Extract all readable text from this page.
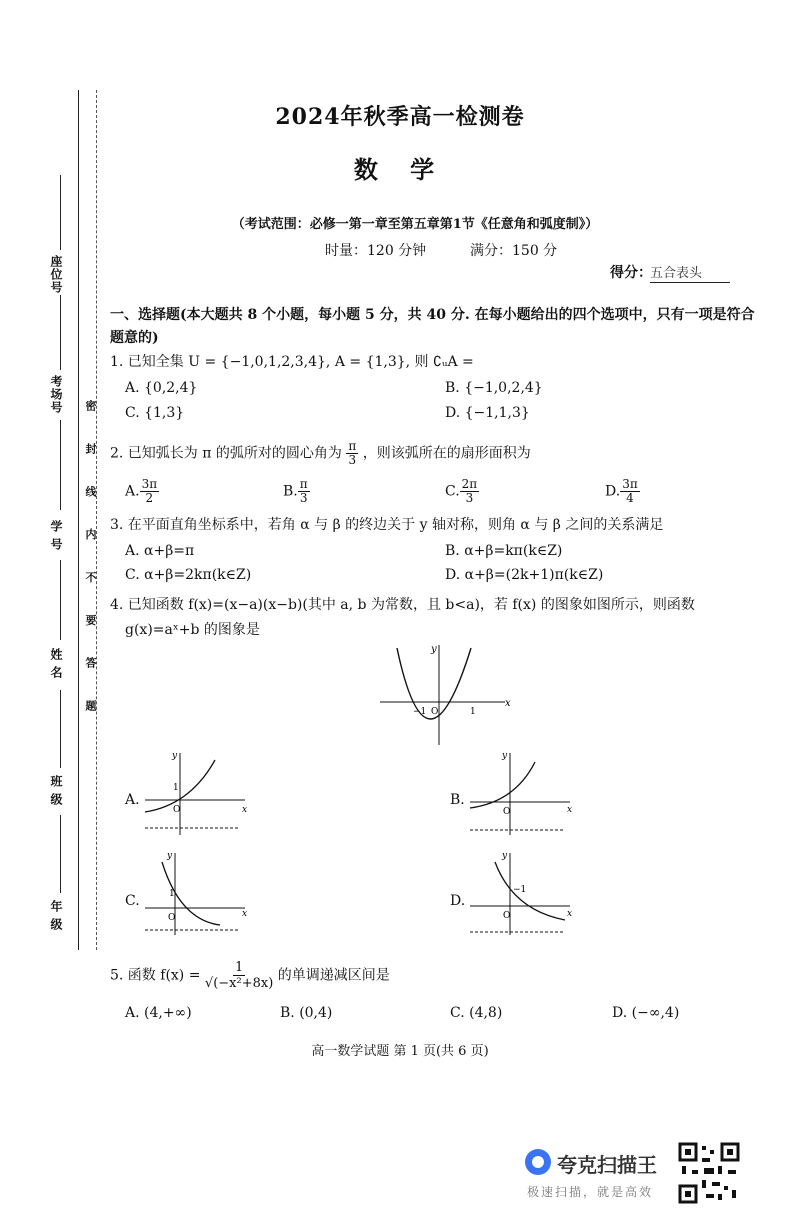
座位号
考场号
学 号
姓 名
班 级
年 级
密 封 线 内 不 要 答 题
2024年秋季高一检测卷
数 学
（考试范围：必修一第一章至第五章第1节《任意角和弧度制》）
时量：120 分钟	满分：150 分
得分：
五合表头
一、选择题(本大题共 8 个小题，每小题 5 分，共 40 分. 在每小题给出的四个选项中，只有一项是符合
题意的)
1. 已知全集 U = {−1,0,1,2,3,4}, A = {1,3}, 则 ∁ᵤA =
A. {0,2,4}	B. {−1,0,2,4}
C. {1,3}	D. {−1,1,3}
2. 已知弧长为 π 的弧所对的圆心角为 $\frac{\pi}{3}$ ，则该弧所在的扇形面积为
A. $\frac{3\pi}{2}$	B. $\frac{\pi}{3}$	C. $\frac{2\pi}{3}$	D. $\frac{3\pi}{4}$
3. 在平面直角坐标系中，若角 α 与 β 的终边关于 y 轴对称，则角 α 与 β 之间的关系满足
A. α+β=π	B. α+β=kπ(k∈Z)
C. α+β=2kπ(k∈Z)	D. α+β=(2k+1)π(k∈Z)
4. 已知函数 f(x)=(x−a)(x−b)(其中 a, b 为常数，且 b<a)，若 f(x) 的图象如图所示，则函数
g(x)=aˣ+b 的图象是
x
y
−1 O	1
A.
x
y
O
1
B.
x
y
O
C.
x
y
O
1	D.
x
y
O
−1
5. 函数 $f(x) = \frac{1}{\text{√(−x²+8x)}}$ 的单调递减区间是
A. (4,+∞)	B. (0,4)	C. (4,8)	D. (−∞,4)
高一数学试题 第 1 页(共 6 页)
夸克扫描王
极速扫描，就是高效
